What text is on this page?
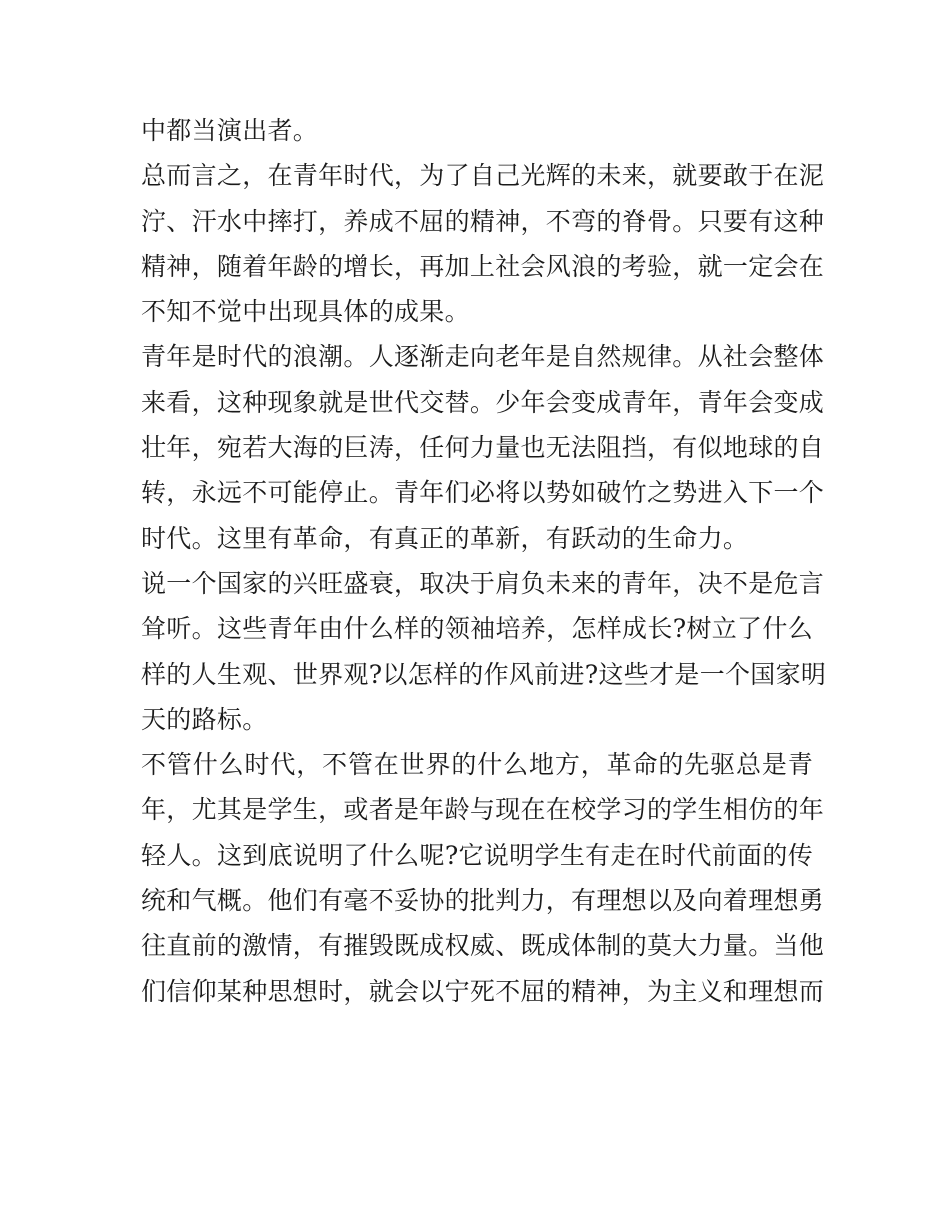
中都当演出者。
总而言之，在青年时代，为了自己光辉的未来，就要敢于在泥
泞、汗水中摔打，养成不屈的精神，不弯的脊骨。只要有这种
精神，随着年龄的增长，再加上社会风浪的考验，就一定会在
不知不觉中出现具体的成果。
青年是时代的浪潮。人逐渐走向老年是自然规律。从社会整体
来看，这种现象就是世代交替。少年会变成青年，青年会变成
壮年，宛若大海的巨涛，任何力量也无法阻挡，有似地球的自
转，永远不可能停止。青年们必将以势如破竹之势进入下一个
时代。这里有革命，有真正的革新，有跃动的生命力。
说一个国家的兴旺盛衰，取决于肩负未来的青年，决不是危言
耸听。这些青年由什么样的领袖培养，怎样成长?树立了什么
样的人生观、世界观?以怎样的作风前进?这些才是一个国家明
天的路标。
不管什么时代，不管在世界的什么地方，革命的先驱总是青
年，尤其是学生，或者是年龄与现在在校学习的学生相仿的年
轻人。这到底说明了什么呢?它说明学生有走在时代前面的传
统和气概。他们有毫不妥协的批判力，有理想以及向着理想勇
往直前的激情，有摧毁既成权威、既成体制的莫大力量。当他
们信仰某种思想时，就会以宁死不屈的精神，为主义和理想而
